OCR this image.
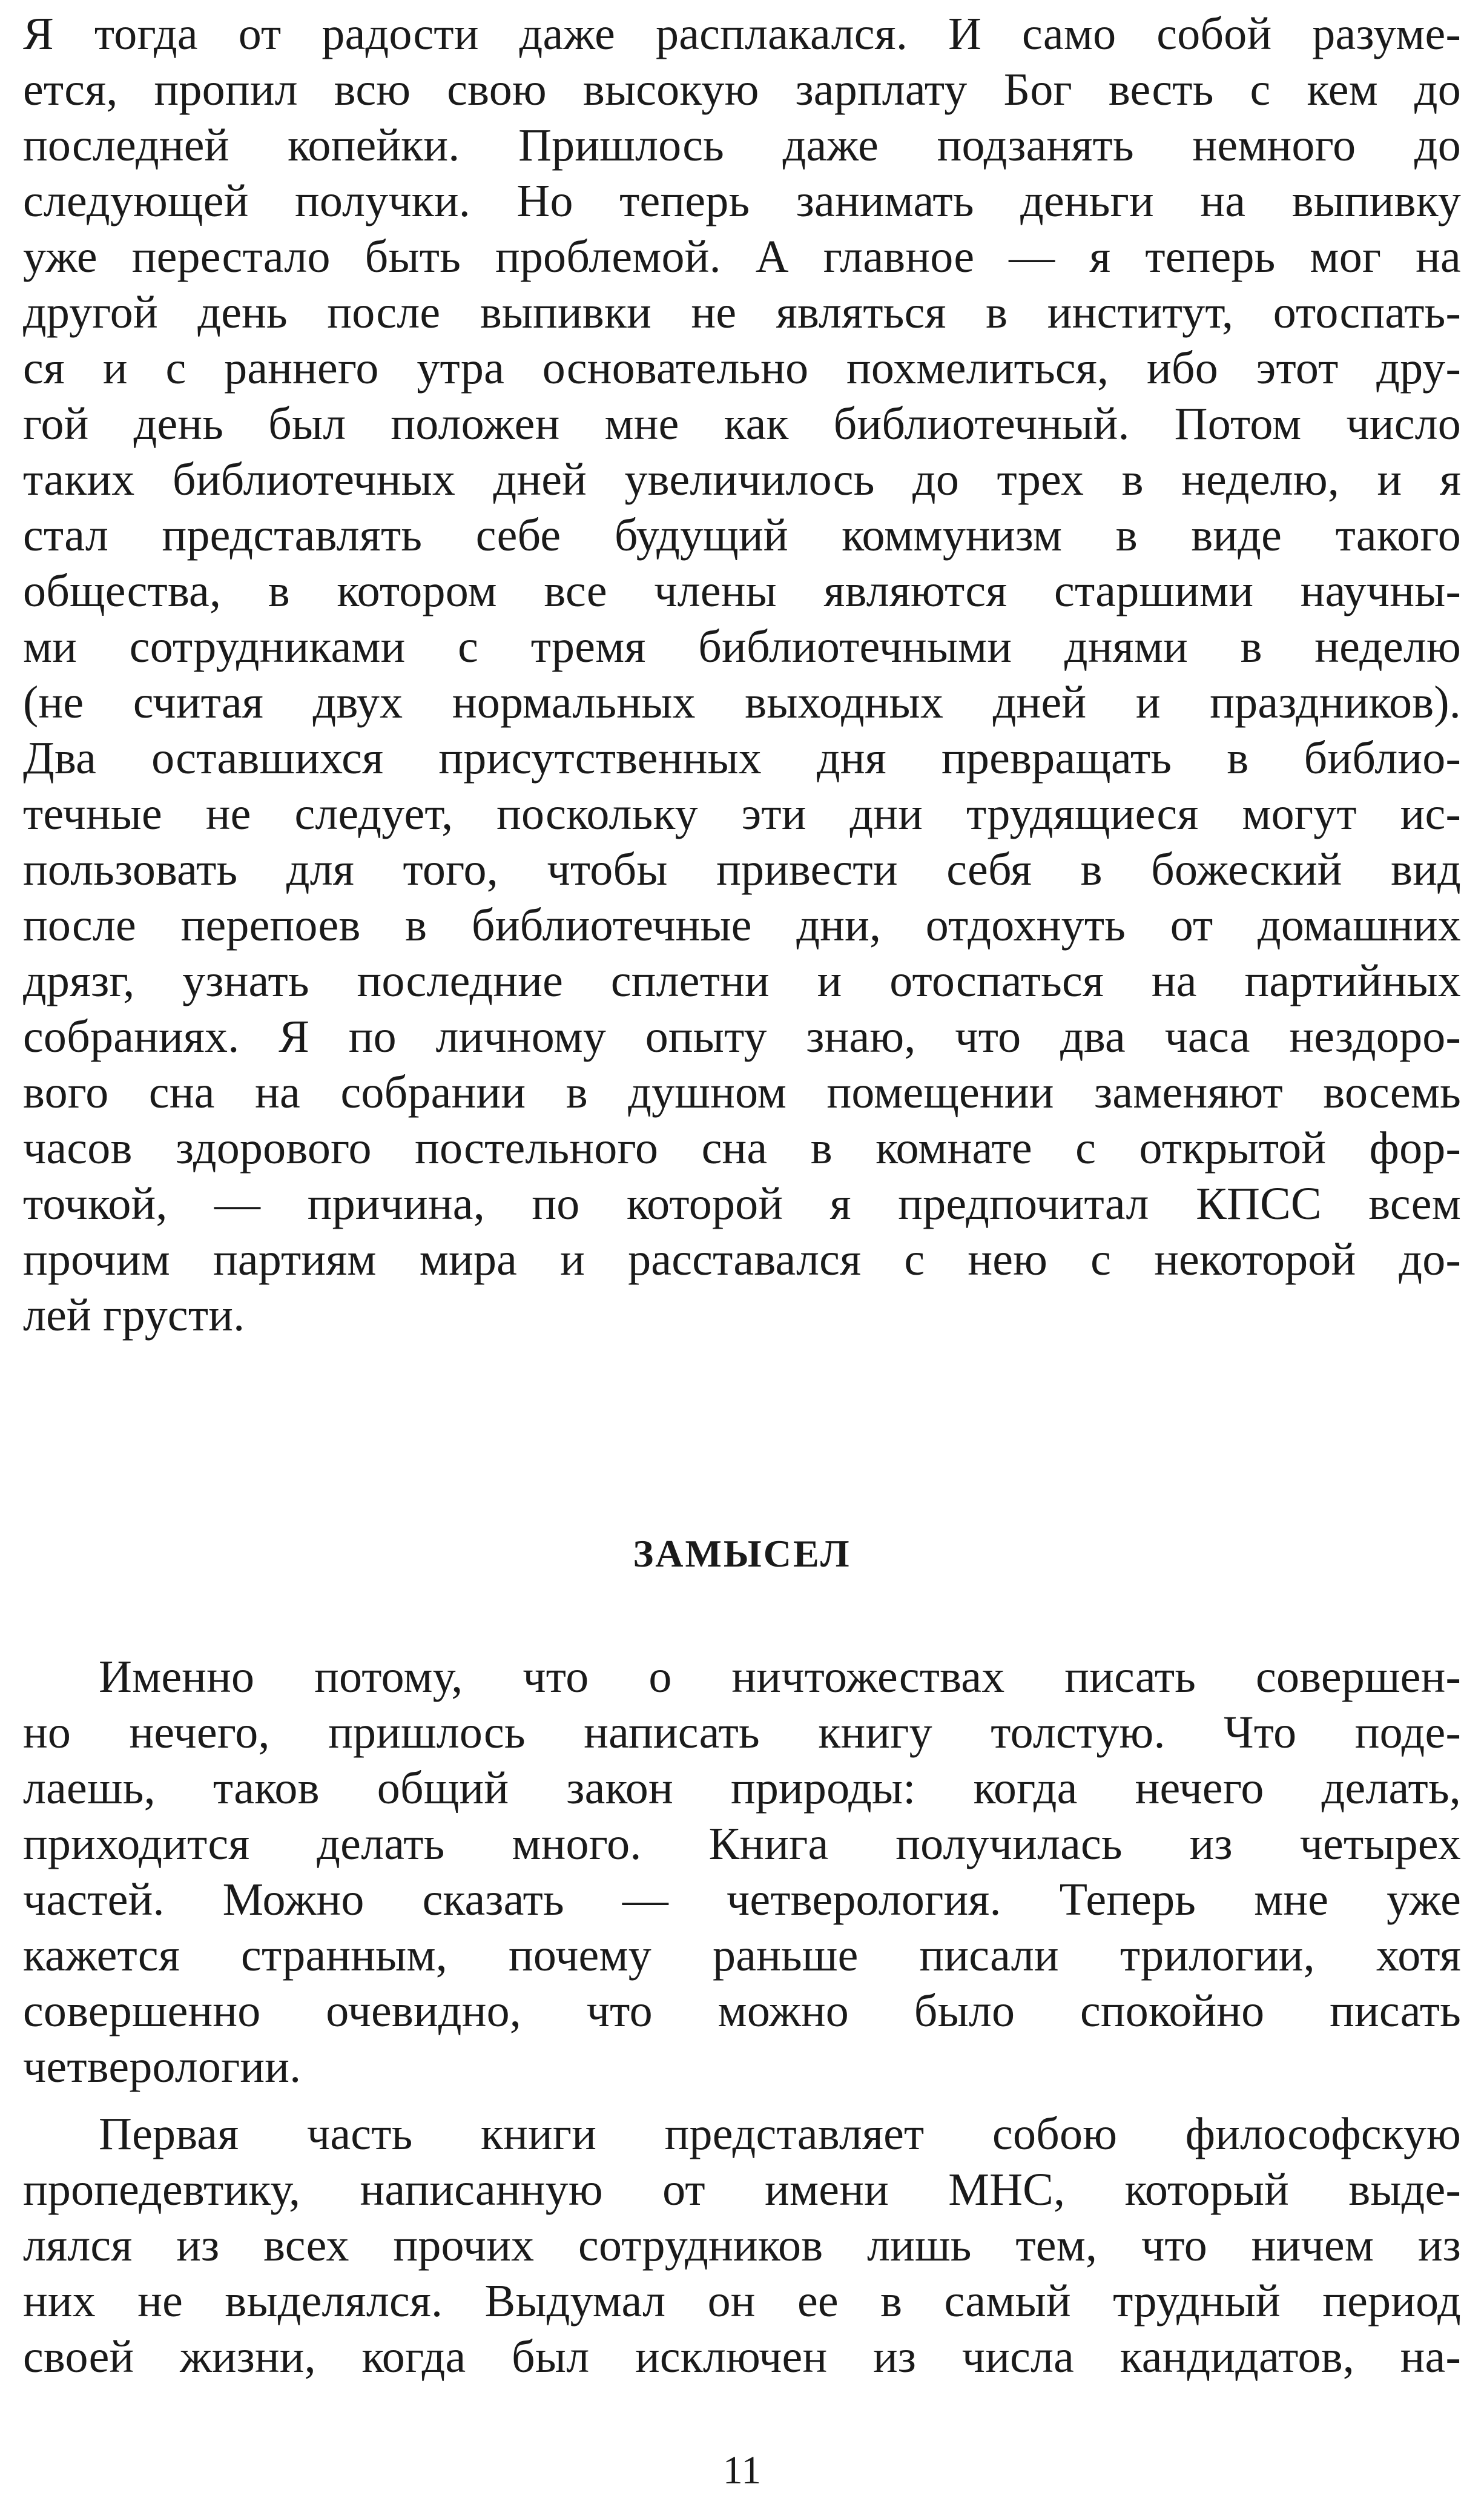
Я тогда от радости даже расплакался. И само собой разуме-
ется, пропил всю свою высокую зарплату Бог весть с кем до
последней копейки. Пришлось даже подзанять немного до
следующей получки. Но теперь занимать деньги на выпивку
уже перестало быть проблемой. А главное — я теперь мог на
другой день после выпивки не являться в институт, отоспать-
ся и с раннего утра основательно похмелиться, ибо этот дру-
гой день был положен мне как библиотечный. Потом число
таких библиотечных дней увеличилось до трех в неделю, и я
стал представлять себе будущий коммунизм в виде такого
общества, в котором все члены являются старшими научны-
ми сотрудниками с тремя библиотечными днями в неделю
(не считая двух нормальных выходных дней и праздников).
Два оставшихся присутственных дня превращать в библио-
течные не следует, поскольку эти дни трудящиеся могут ис-
пользовать для того, чтобы привести себя в божеский вид
после перепоев в библиотечные дни, отдохнуть от домашних
дрязг, узнать последние сплетни и отоспаться на партийных
собраниях. Я по личному опыту знаю, что два часа нездоро-
вого сна на собрании в душном помещении заменяют восемь
часов здорового постельного сна в комнате с открытой фор-
точкой, — причина, по которой я предпочитал КПСС всем
прочим партиям мира и расставался с нею с некоторой до-
лей грусти.
ЗАМЫСЕЛ
Именно потому, что о ничтожествах писать совершен-
но нечего, пришлось написать книгу толстую. Что поде-
лаешь, таков общий закон природы: когда нечего делать,
приходится делать много. Книга получилась из четырех
частей. Можно сказать — четверология. Теперь мне уже
кажется странным, почему раньше писали трилогии, хотя
совершенно очевидно, что можно было спокойно писать
четверологии.
Первая часть книги представляет собою философскую
пропедевтику, написанную от имени МНС, который выде-
лялся из всех прочих сотрудников лишь тем, что ничем из
них не выделялся. Выдумал он ее в самый трудный период
своей жизни, когда был исключен из числа кандидатов, на-
11
